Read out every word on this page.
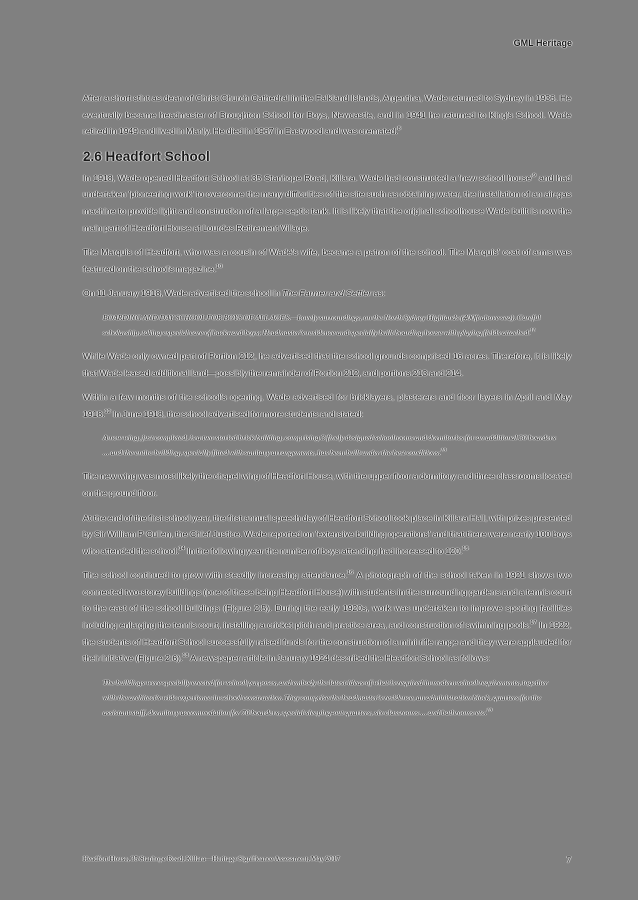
GML Heritage

After a short stint as dean of Christ Church Cathedral in the Falkland Islands, Argentina, Wade returned to Sydney in 1936. He eventually became headmaster of Broughton School for Boys, Newcastle, and in 1941 he returned to King's School. Wade retired in 1949 and lived in Manly. He died in 1967 in Eastwood and was cremated.$^8$

2.6 Headfort School

In 1918, Wade opened Headfort School at 35 Stanhope Road, Killara. Wade had constructed a 'new school $house'^9$ and had undertaken 'pioneering work' to overcome the many difficulties of the site such as obtaining water, the installation of an air-gas machine to provide light and construction of a large septic tank. It is likely that the original schoolhouse Wade built is now the main part of Headfort House at Lourdes Retirement Village.

The Marquis of Headfort, who was a cousin of Wade's wife, became a patron of the school. The Marquis' coat of arms was featured on the school's magazine.$^{10}$

On 11 January 1918, Wade advertised the school in The Farmer and Settler as:

BOARDING AND DAY SCHOOL FOR BOYS OF ALL AGES.—Lovely surroundings, on the North Sydney Highlands (400ft above sea). Careful scholarship, taking especial care of backward boys; Headmaster's residence and specially built boarding house with playing fields attached.$^{11}$

While Wade only owned part of Portion 212, he advertised that the school grounds comprised 16 acres. Therefore, it is likely that Wade leased additional land—possibly the remainder of Portion 212, and portions 213 and 214.

Within a few months of the school's opening, Wade advertised for bricklayers, plasterers and floor layers in April and May 1918.12 In June 1918, the school advertised for more students and stated:

A new wing, just completed, is a two storied brick building, comprising 3 finely designed schoolrooms and dormitories for an additional 30 boarders ... and the entire building, specially fitted with sanitary arrangements, has been built under the best conditions.$^{13}$

The new wing was most likely the chapel wing of Headfort House, with the upper floor a dormitory and three classrooms located on the ground floor.

At the end of the first school year, the first annual speech day of Headfort School took place in Killara Hall, with prizes presented by Sir William P Cullen, the Chief Justice. Wade reported on 'extensive building operations' and that there were nearly 100 boys who attended the school.$^{14}$ In the following year the number of boys attending had increased to 120.15

The school continued to grow with steadily increasing attendance.$^{16}$ A photograph of the school taken in 1921 shows two connected two-storey buildings (one of these being Headfort House) with students in the surrounding gardens and a tennis court to the east of the school buildings (Figure 2.5). During the early 1920s, work was undertaken to improve sporting facilities including enlarging the tennis court, installing a cricket pitch and practice area, and construction of swimming pools.$^{17}$ In 1922, the students of Headfort School successfully raised funds for the construction of a mini rifle range and they were applauded for their initiative (Figure 2.6).$^{18}$ A newspaper article in January 1924 described the Headfort School as follows:

The buildings were specially erected for school purposes, and embody the latest ideas of what is required in modern school requirements, together with the architect's wide experience in school construction. They comprise the headmaster's residence, an administration block, quarters for the assistant staff, dormitory accommodation for 70 boarders, special sleeping-out quarters, six classrooms ... and bathrooms etc.$^{19}$
Headfort House, 35 Stanhope Road, Killara—Heritage Significance Assessment, May 2017	7
